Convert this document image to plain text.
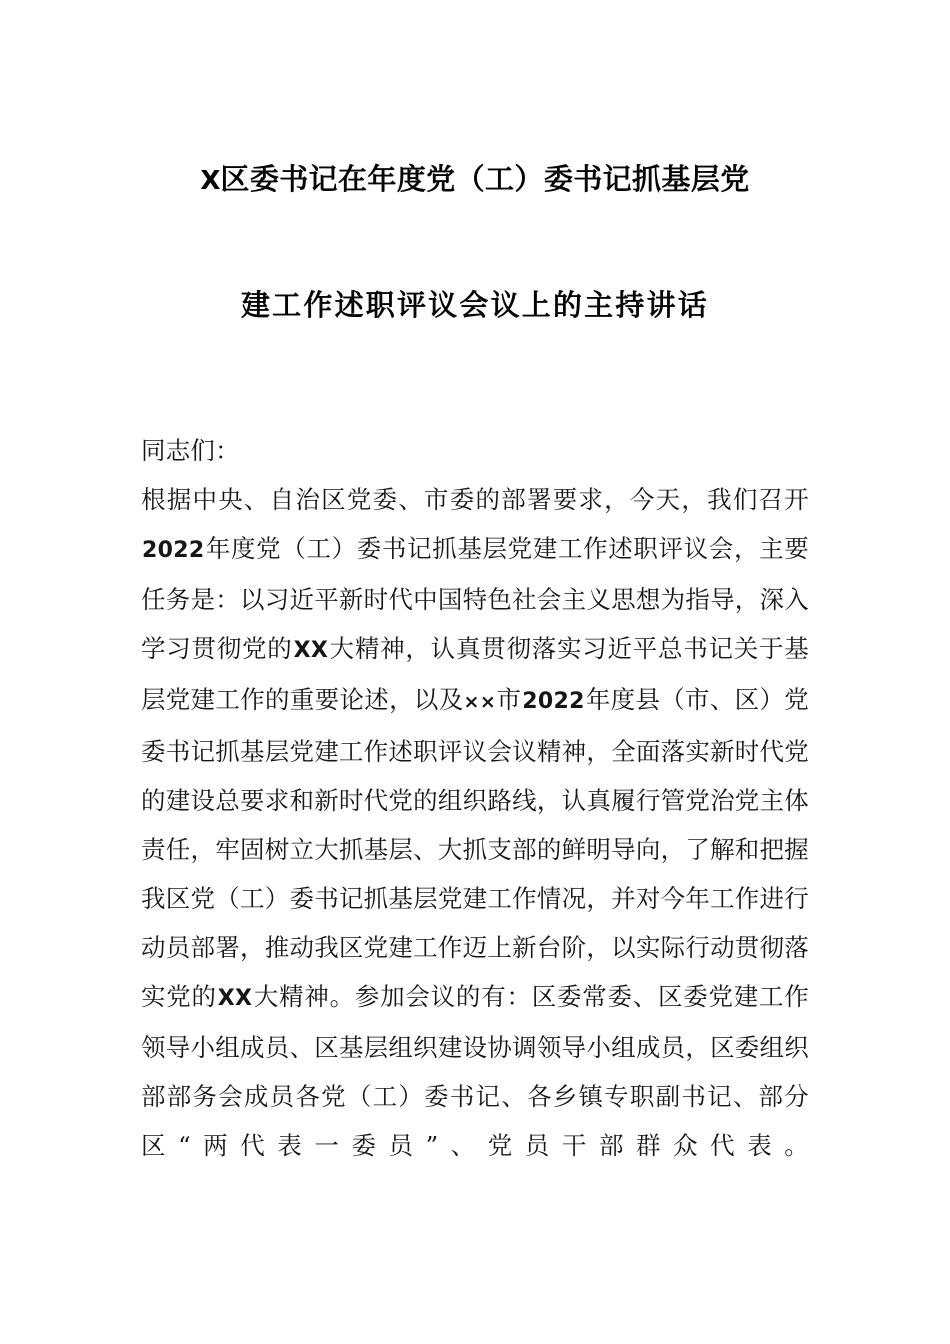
X区委书记在年度党（工）委书记抓基层党
建工作述职评议会议上的主持讲话

同志们：

根据中央、自治区党委、市委的部署要求，今天，我们召开2022年度党（工）委书记抓基层党建工作述职评议会，主要任务是：以习近平新时代中国特色社会主义思想为指导，深入学习贯彻党的XX大精神，认真贯彻落实习近平总书记关于基层党建工作的重要论述，以及××市2022年度县（市、区）党委书记抓基层党建工作述职评议会议精神，全面落实新时代党的建设总要求和新时代党的组织路线，认真履行管党治党主体责任，牢固树立大抓基层、大抓支部的鲜明导向，了解和把握我区党（工）委书记抓基层党建工作情况，并对今年工作进行动员部署，推动我区党建工作迈上新台阶，以实际行动贯彻落实党的XX大精神。参加会议的有：区委常委、区委党建工作领导小组成员、区基层组织建设协调领导小组成员，区委组织部部务会成员各党（工）委书记、各乡镇专职副书记、部分区“两代表一委员”、党员干部群众代表。
